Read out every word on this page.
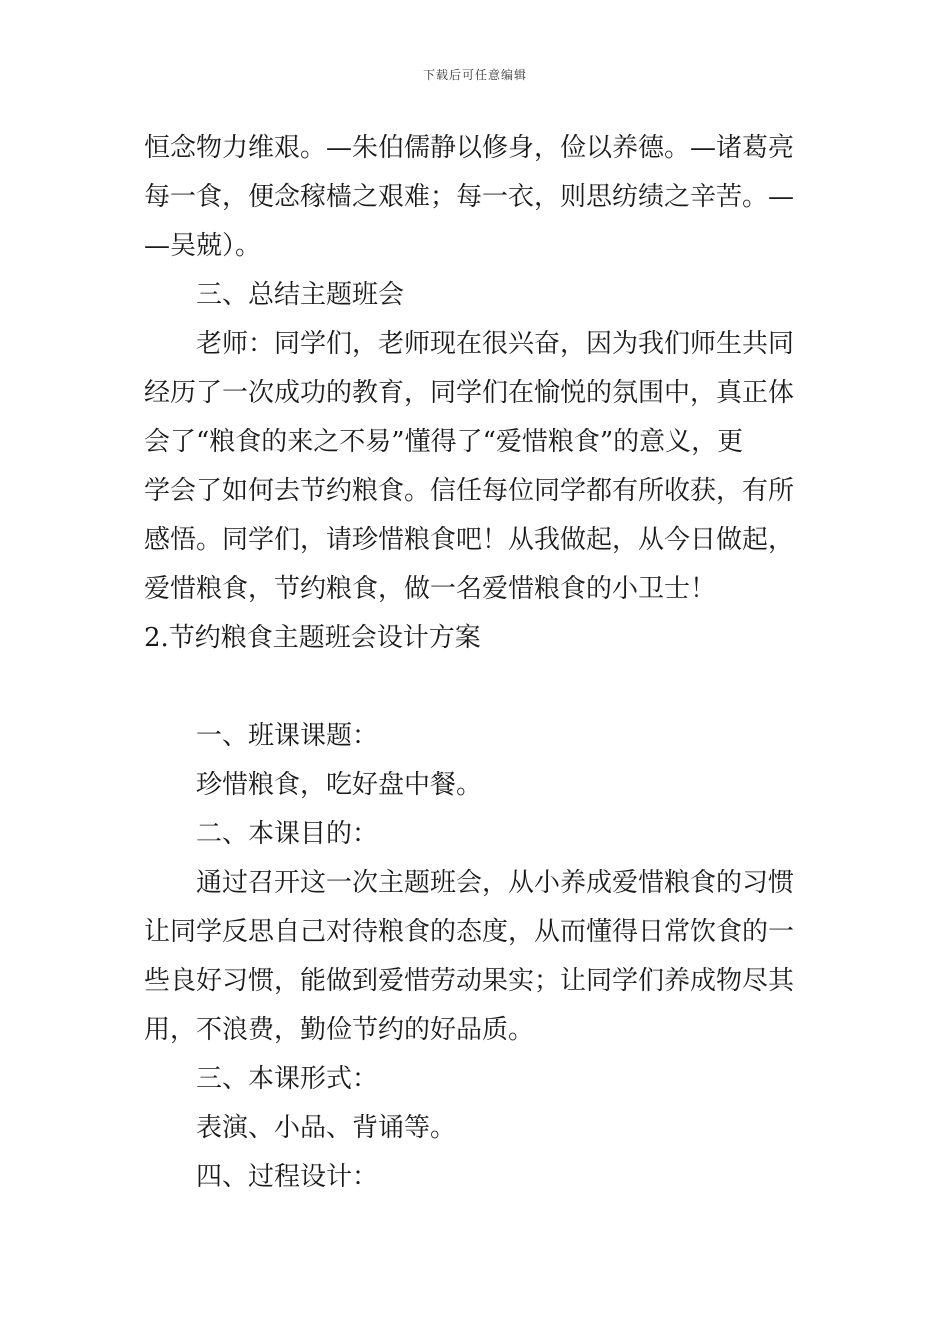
下载后可任意编辑
恒念物力维艰。—朱伯儒静以修身，俭以养德。—诸葛亮
每一食，便念稼樯之艰难；每一衣，则思纺绩之辛苦。—
—吴兢）。
三、总结主题班会
老师：同学们，老师现在很兴奋，因为我们师生共同
经历了一次成功的教育，同学们在愉悦的氛围中，真正体
会了“粮食的来之不易”懂得了“爱惜粮食”的意义，更
学会了如何去节约粮食。信任每位同学都有所收获，有所
感悟。同学们，请珍惜粮食吧！从我做起，从今日做起，
爱惜粮食，节约粮食，做一名爱惜粮食的小卫士！
2.节约粮食主题班会设计方案
一、班课课题：
珍惜粮食，吃好盘中餐。
二、本课目的：
通过召开这一次主题班会，从小养成爱惜粮食的习惯
让同学反思自己对待粮食的态度，从而懂得日常饮食的一
些良好习惯，能做到爱惜劳动果实；让同学们养成物尽其
用，不浪费，勤俭节约的好品质。
三、本课形式：
表演、小品、背诵等。
四、过程设计：
